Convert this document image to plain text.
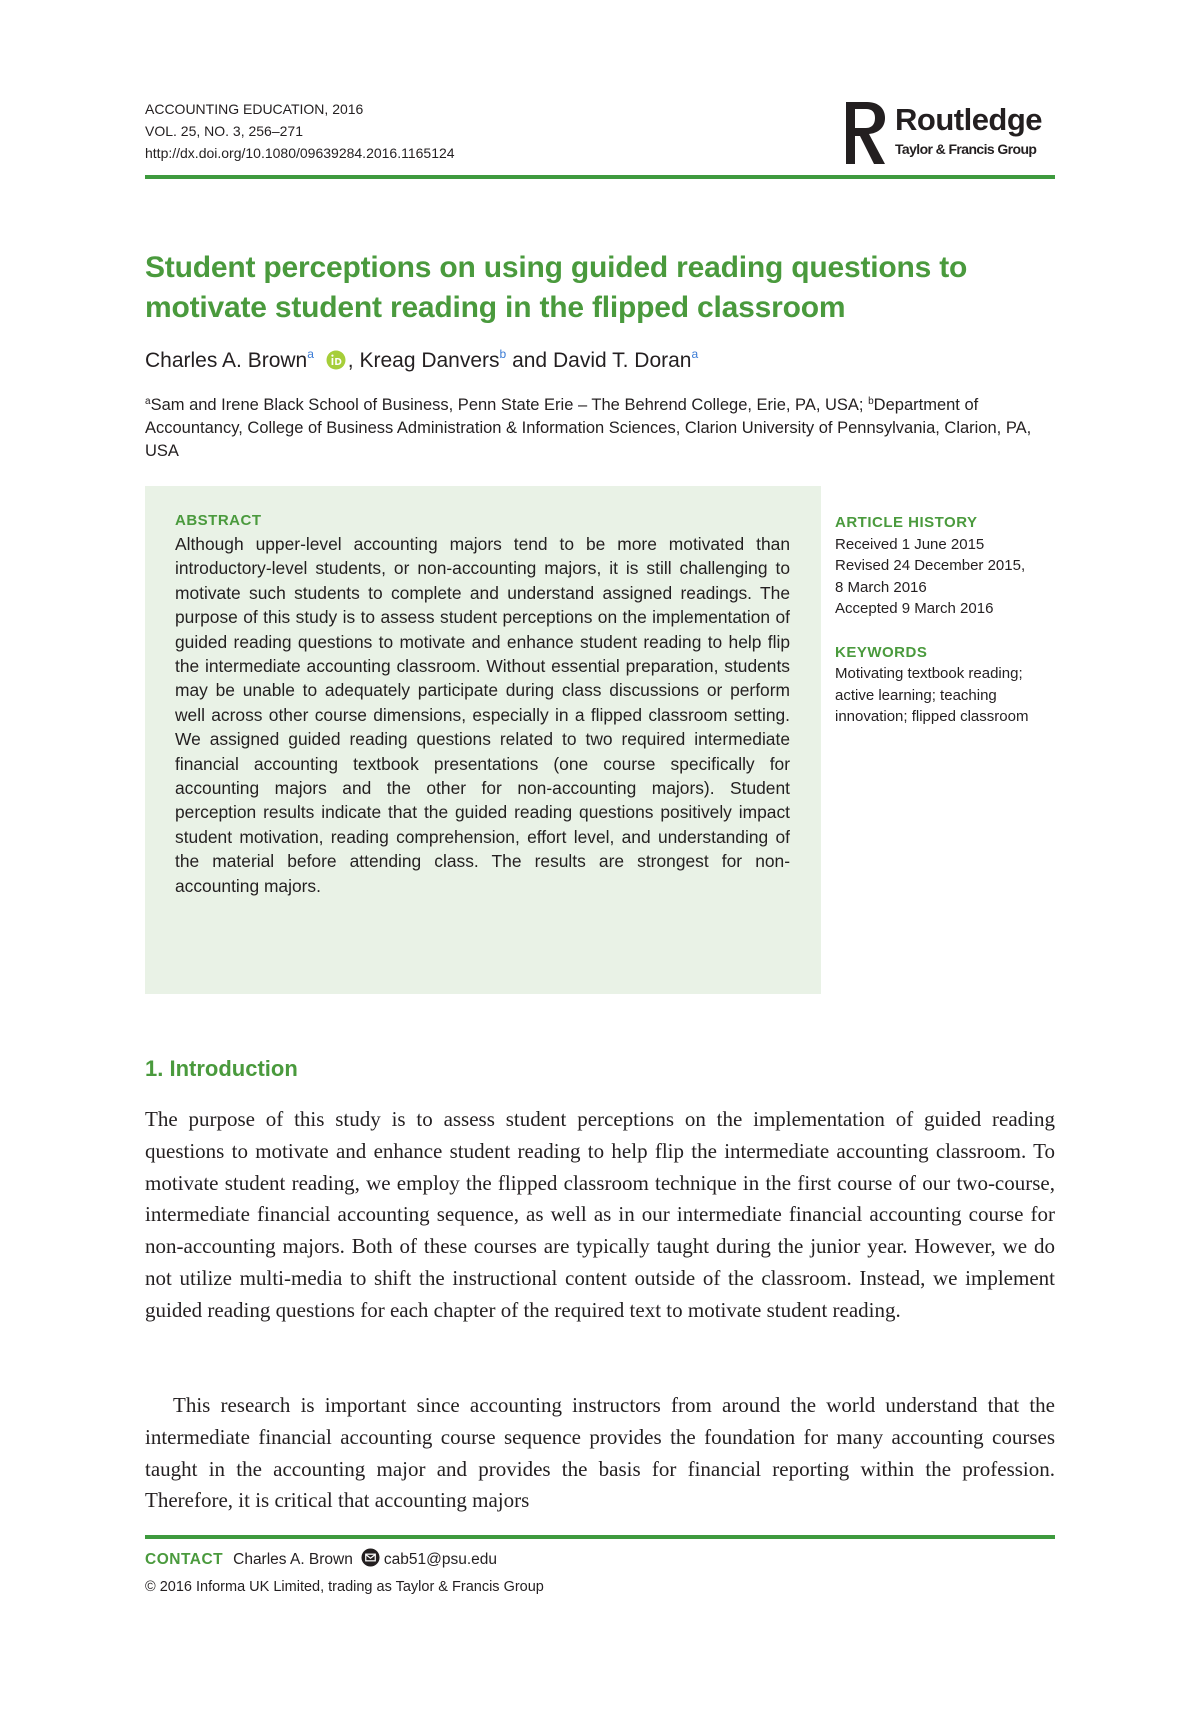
ACCOUNTING EDUCATION, 2016
VOL. 25, NO. 3, 256–271
http://dx.doi.org/10.1080/09639284.2016.1165124
Routledge
Taylor & Francis Group
Student perceptions on using guided reading questions to motivate student reading in the flipped classroom
Charles A. Brown$^a$ , Kreag Danvers$^b$ and David T. Doran$^a$
$^a$Sam and Irene Black School of Business, Penn State Erie – The Behrend College, Erie, PA, USA; $^b$Department of Accountancy, College of Business Administration & Information Sciences, Clarion University of Pennsylvania, Clarion, PA, USA
ABSTRACT

Although upper-level accounting majors tend to be more motivated than introductory-level students, or non-accounting majors, it is still challenging to motivate such students to complete and understand assigned readings. The purpose of this study is to assess student perceptions on the implementation of guided reading questions to motivate and enhance student reading to help flip the intermediate accounting classroom. Without essential preparation, students may be unable to adequately participate during class discussions or perform well across other course dimensions, especially in a flipped classroom setting. We assigned guided reading questions related to two required intermediate financial accounting textbook presentations (one course specifically for accounting majors and the other for non-accounting majors). Student perception results indicate that the guided reading questions positively impact student motivation, reading comprehension, effort level, and understanding of the material before attending class. The results are strongest for non-accounting majors.

ARTICLE HISTORY
Received 1 June 2015
Revised 24 December 2015,
8 March 2016
Accepted 9 March 2016
KEYWORDS
Motivating textbook reading; active learning; teaching innovation; flipped classroom
1. Introduction

The purpose of this study is to assess student perceptions on the implementation of guided reading questions to motivate and enhance student reading to help flip the intermediate accounting classroom. To motivate student reading, we employ the flipped classroom technique in the first course of our two-course, intermediate financial accounting sequence, as well as in our intermediate financial accounting course for non-accounting majors. Both of these courses are typically taught during the junior year. However, we do not utilize multi-media to shift the instructional content outside of the classroom. Instead, we implement guided reading questions for each chapter of the required text to motivate student reading.

This research is important since accounting instructors from around the world understand that the intermediate financial accounting course sequence provides the foundation for many accounting courses taught in the accounting major and provides the basis for financial reporting within the profession. Therefore, it is critical that accounting majors

CONTACT Charles A. Brown cab51@psu.edu
© 2016 Informa UK Limited, trading as Taylor & Francis Group
